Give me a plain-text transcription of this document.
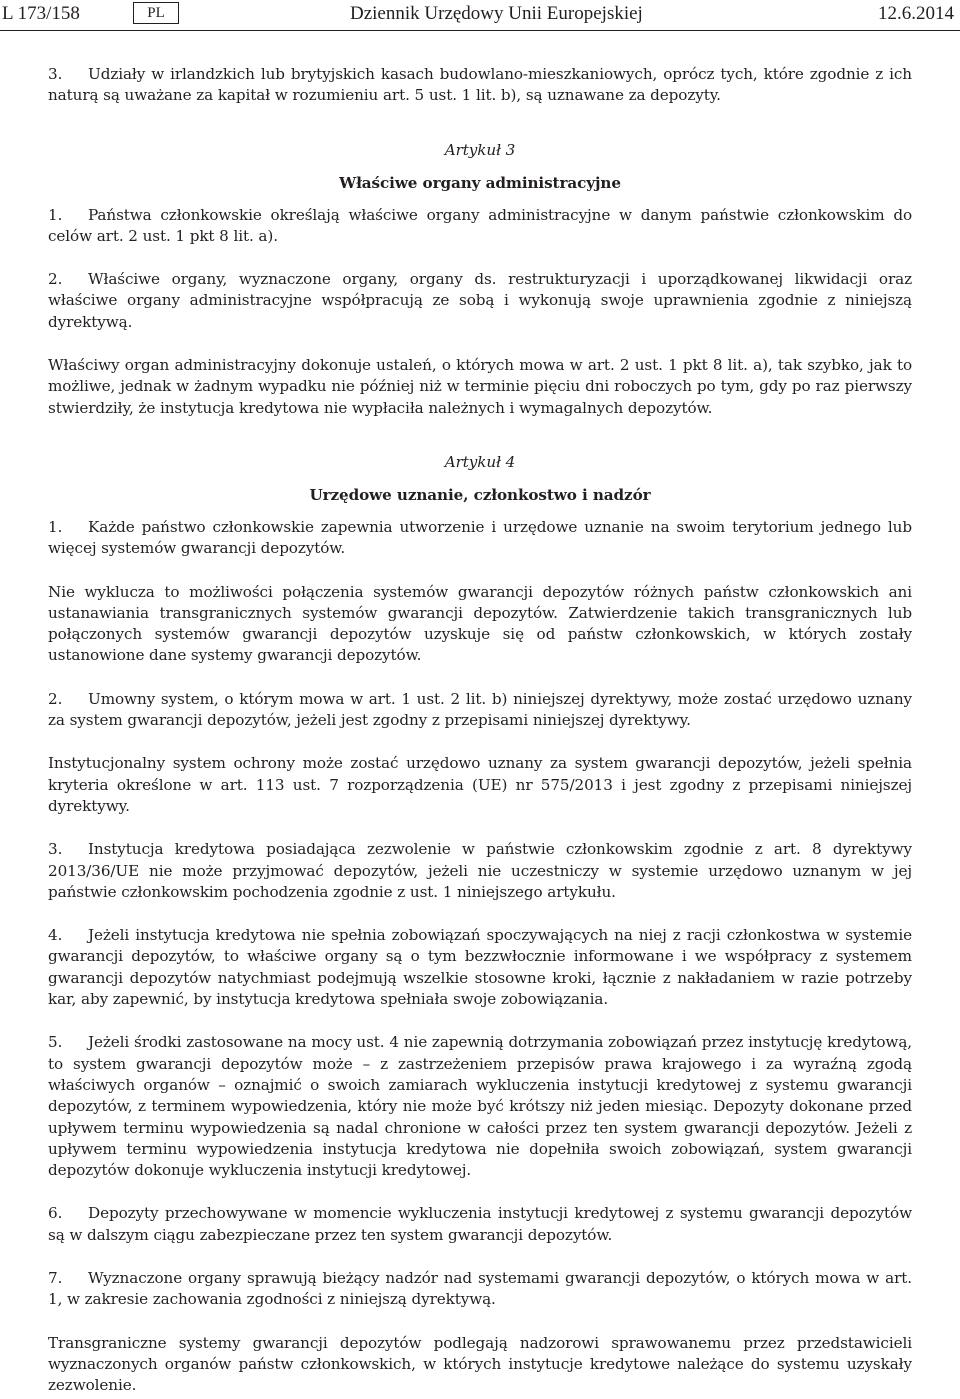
L 173/158	PL	Dziennik Urzędowy Unii Europejskiej	12.6.2014

3. Udziały w irlandzkich lub brytyjskich kasach budowlano-mieszkaniowych, oprócz tych, które zgodnie z ich naturą są uważane za kapitał w rozumieniu art. 5 ust. 1 lit. b), są uznawane za depozyty.

Artykuł 3

Właściwe organy administracyjne

1. Państwa członkowskie określają właściwe organy administracyjne w danym państwie członkowskim do celów art. 2 ust. 1 pkt 8 lit. a).

2. Właściwe organy, wyznaczone organy, organy ds. restrukturyzacji i uporządkowanej likwidacji oraz właściwe organy administracyjne współpracują ze sobą i wykonują swoje uprawnienia zgodnie z niniejszą dyrektywą.

Właściwy organ administracyjny dokonuje ustaleń, o których mowa w art. 2 ust. 1 pkt 8 lit. a), tak szybko, jak to możliwe, jednak w żadnym wypadku nie później niż w terminie pięciu dni roboczych po tym, gdy po raz pierwszy stwierdziły, że instytucja kredytowa nie wypłaciła należnych i wymagalnych depozytów.

Artykuł 4

Urzędowe uznanie, członkostwo i nadzór

1. Każde państwo członkowskie zapewnia utworzenie i urzędowe uznanie na swoim terytorium jednego lub więcej systemów gwarancji depozytów.

Nie wyklucza to możliwości połączenia systemów gwarancji depozytów różnych państw członkowskich ani ustanawiania transgranicznych systemów gwarancji depozytów. Zatwierdzenie takich transgranicznych lub połączonych systemów gwarancji depozytów uzyskuje się od państw członkowskich, w których zostały ustanowione dane systemy gwarancji depozytów.

2. Umowny system, o którym mowa w art. 1 ust. 2 lit. b) niniejszej dyrektywy, może zostać urzędowo uznany za system gwarancji depozytów, jeżeli jest zgodny z przepisami niniejszej dyrektywy.

Instytucjonalny system ochrony może zostać urzędowo uznany za system gwarancji depozytów, jeżeli spełnia kryteria określone w art. 113 ust. 7 rozporządzenia (UE) nr 575/2013 i jest zgodny z przepisami niniejszej dyrektywy.

3. Instytucja kredytowa posiadająca zezwolenie w państwie członkowskim zgodnie z art. 8 dyrektywy 2013/36/UE nie może przyjmować depozytów, jeżeli nie uczestniczy w systemie urzędowo uznanym w jej państwie członkowskim pochodzenia zgodnie z ust. 1 niniejszego artykułu.

4. Jeżeli instytucja kredytowa nie spełnia zobowiązań spoczywających na niej z racji członkostwa w systemie gwarancji depozytów, to właściwe organy są o tym bezzwłocznie informowane i we współpracy z systemem gwarancji depozytów natychmiast podejmują wszelkie stosowne kroki, łącznie z nakładaniem w razie potrzeby kar, aby zapewnić, by instytucja kredytowa spełniała swoje zobowiązania.

5. Jeżeli środki zastosowane na mocy ust. 4 nie zapewnią dotrzymania zobowiązań przez instytucję kredytową, to system gwarancji depozytów może – z zastrzeżeniem przepisów prawa krajowego i za wyraźną zgodą właściwych organów – oznajmić o swoich zamiarach wykluczenia instytucji kredytowej z systemu gwarancji depozytów, z terminem wypowiedzenia, który nie może być krótszy niż jeden miesiąc. Depozyty dokonane przed upływem terminu wypowiedzenia są nadal chronione w całości przez ten system gwarancji depozytów. Jeżeli z upływem terminu wypowiedzenia instytucja kredytowa nie dopełniła swoich zobowiązań, system gwarancji depozytów dokonuje wykluczenia instytucji kredytowej.

6. Depozyty przechowywane w momencie wykluczenia instytucji kredytowej z systemu gwarancji depozytów są w dalszym ciągu zabezpieczane przez ten system gwarancji depozytów.

7. Wyznaczone organy sprawują bieżący nadzór nad systemami gwarancji depozytów, o których mowa w art. 1, w zakresie zachowania zgodności z niniejszą dyrektywą.

Transgraniczne systemy gwarancji depozytów podlegają nadzorowi sprawowanemu przez przedstawicieli wyznaczonych organów państw członkowskich, w których instytucje kredytowe należące do systemu uzyskały zezwolenie.
